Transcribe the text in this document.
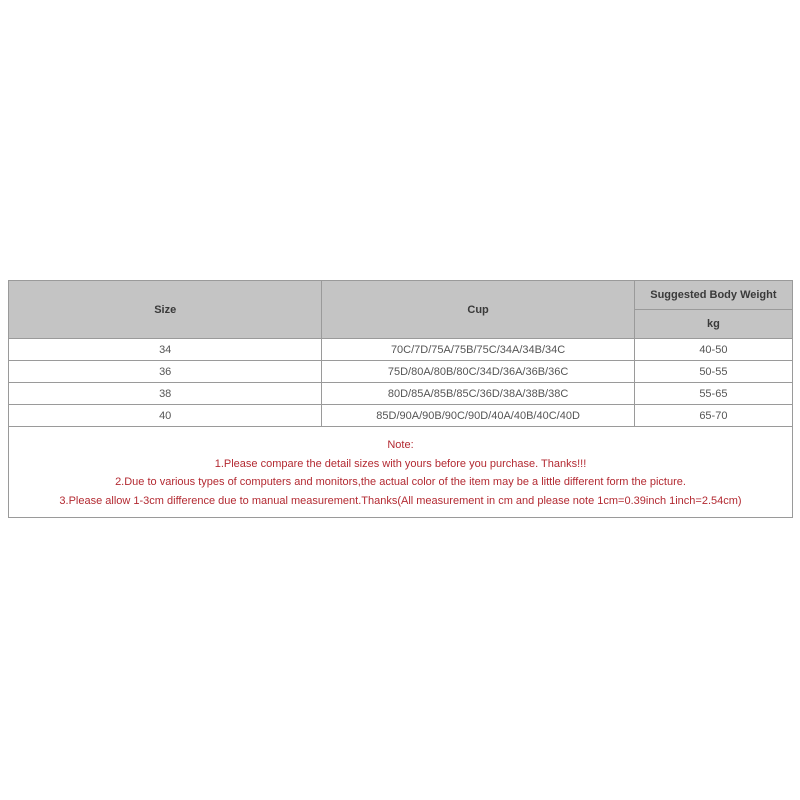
Size	Cup	Suggested Body Weight
		kg
34	70C/7D/75A/75B/75C/34A/34B/34C	40-50
36	75D/80A/80B/80C/34D/36A/36B/36C	50-55
38	80D/85A/85B/85C/36D/38A/38B/38C	55-65
40	85D/90A/90B/90C/90D/40A/40B/40C/40D	65-70

Note:
1.Please compare the detail sizes with yours before you purchase. Thanks!!!
2.Due to various types of computers and monitors,the actual color of the item may be a little different form the picture.
3.Please allow 1-3cm difference due to manual measurement.Thanks(All measurement in cm and please note 1cm=0.39inch 1inch=2.54cm)		
